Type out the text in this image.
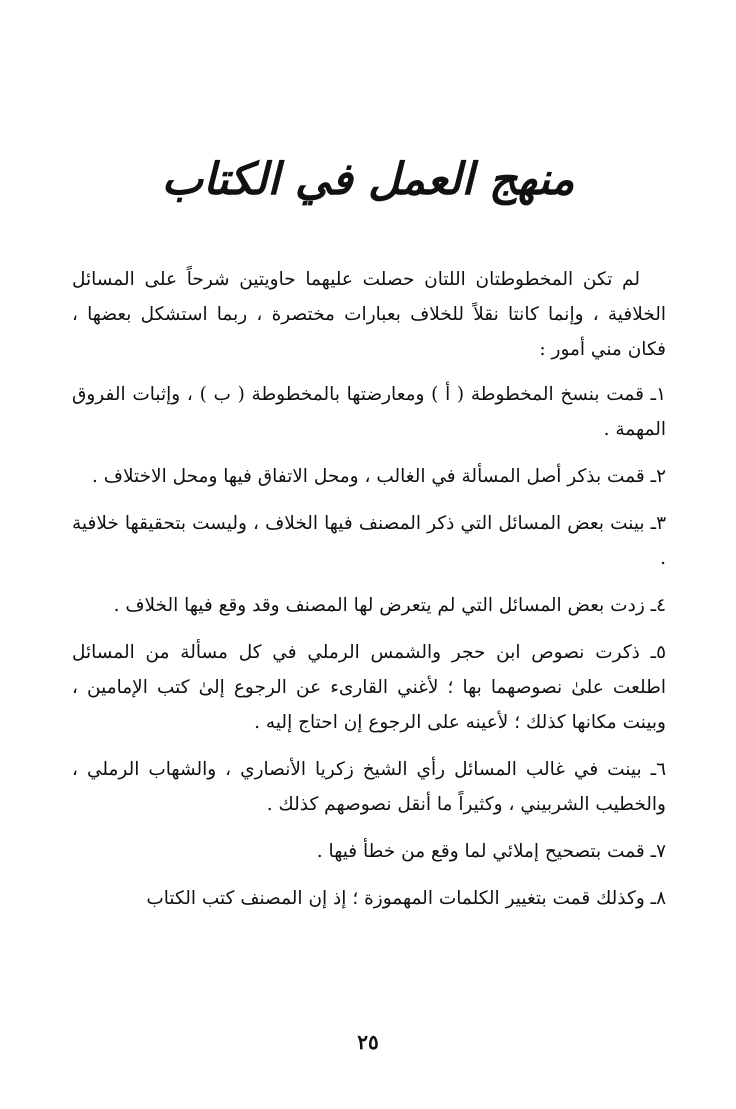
منهج العمل في الكتاب

لم تكن المخطوطتان اللتان حصلت عليهما حاويتين شرحاً على المسائل الخلافية ، وإنما كانتا نقلاً للخلاف بعبارات مختصرة ، ربما استشكل بعضها ، فكان مني أمور :

١ـ قمت بنسخ المخطوطة ( أ ) ومعارضتها بالمخطوطة ( ب ) ، وإثبات الفروق المهمة .

٢ـ قمت بذكر أصل المسألة في الغالب ، ومحل الاتفاق فيها ومحل الاختلاف .

٣ـ بينت بعض المسائل التي ذكر المصنف فيها الخلاف ، وليست بتحقيقها خلافية .

٤ـ زدت بعض المسائل التي لم يتعرض لها المصنف وقد وقع فيها الخلاف .

٥ـ ذكرت نصوص ابن حجر والشمس الرملي في كل مسألة من المسائل اطلعت علىٰ نصوصهما بها ؛ لأغني القارىء عن الرجوع إلىٰ كتب الإمامين ، وبينت مكانها كذلك ؛ لأعينه على الرجوع إن احتاج إليه .

٦ـ بينت في غالب المسائل رأي الشيخ زكريا الأنصاري ، والشهاب الرملي ، والخطيب الشربيني ، وكثيراً ما أنقل نصوصهم كذلك .

٧ـ قمت بتصحيح إملائي لما وقع من خطأ فيها .

٨ـ وكذلك قمت بتغيير الكلمات المهموزة ؛ إذ إن المصنف كتب الكتاب

٢٥
